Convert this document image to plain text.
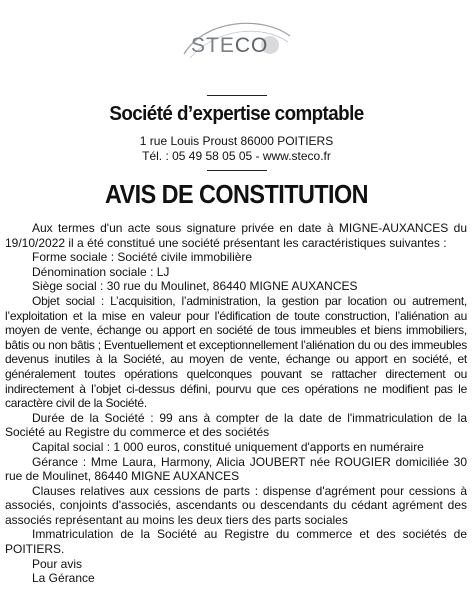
STECO
Société d’expertise comptable
1 rue Louis Proust 86000 POITIERS
Tél. : 05 49 58 05 05 - www.steco.fr
AVIS DE CONSTITUTION

Aux termes d'un acte sous signature privée en date à MIGNE-AUXANCES du 19/10/2022 il a été constitué une société présentant les caractéristiques suivantes :

Forme sociale : Société civile immobilière

Dénomination sociale : LJ

Siège social : 30 rue du Moulinet, 86440 MIGNE AUXANCES

Objet social : L’acquisition, l’administration, la gestion par location ou autrement, l’exploitation et la mise en valeur pour l’édification de toute construction, l’aliénation au moyen de vente, échange ou apport en société de tous immeubles et biens immobiliers, bâtis ou non bâtis ; Eventuellement et exceptionnellement l’aliénation du ou des immeubles devenus inutiles à la Société, au moyen de vente, échange ou apport en société, et généralement toutes opérations quelconques pouvant se rattacher directement ou indirectement à l’objet ci-dessus défini, pourvu que ces opérations ne modifient pas le caractère civil de la Société.

Durée de la Société : 99 ans à compter de la date de l'immatriculation de la Société au Registre du commerce et des sociétés

Capital social : 1 000 euros, constitué uniquement d'apports en numéraire

Gérance : Mme Laura, Harmony, Alicia JOUBERT née ROUGIER domiciliée 30 rue de Moulinet, 86440 MIGNE AUXANCES

Clauses relatives aux cessions de parts : dispense d'agrément pour cessions à associés, conjoints d'associés, ascendants ou descendants du cédant agrément des associés représentant au moins les deux tiers des parts sociales

Immatriculation de la Société au Registre du commerce et des sociétés de POITIERS.

Pour avis

La Gérance
